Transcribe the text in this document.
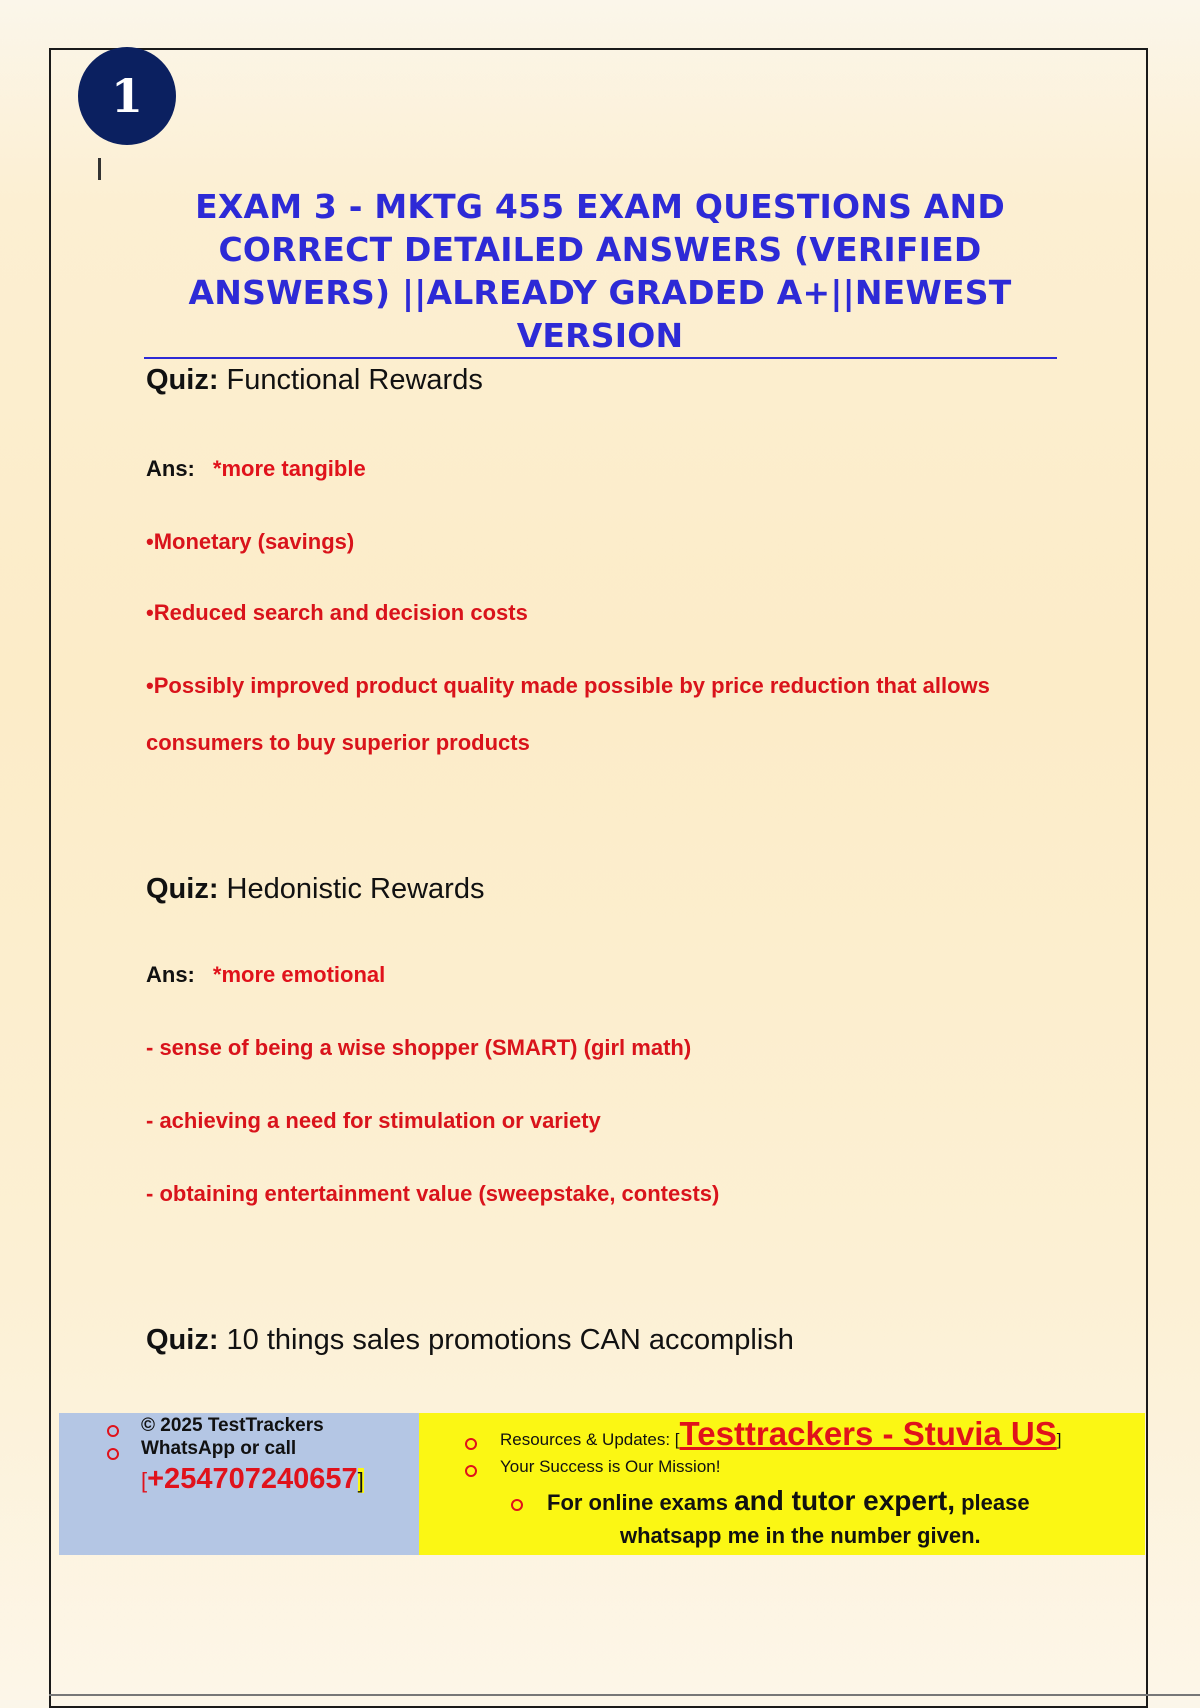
1
EXAM 3 - MKTG 455 EXAM QUESTIONS AND CORRECT DETAILED ANSWERS (VERIFIED ANSWERS) ||ALREADY GRADED A+||NEWEST VERSION
Quiz: Functional Rewards
Ans: *more tangible
•Monetary (savings)
•Reduced search and decision costs
•Possibly improved product quality made possible by price reduction that allows
consumers to buy superior products
Quiz: Hedonistic Rewards
Ans: *more emotional
- sense of being a wise shopper (SMART) (girl math)
- achieving a need for stimulation or variety
- obtaining entertainment value (sweepstake, contests)
Quiz: 10 things sales promotions CAN accomplish
© 2025 TestTrackers
WhatsApp or call
[+254707240657]
Resources & Updates: [Testtrackers - Stuvia US]
Your Success is Our Mission!
For online exams and tutor expert, please
whatsapp me in the number given.
